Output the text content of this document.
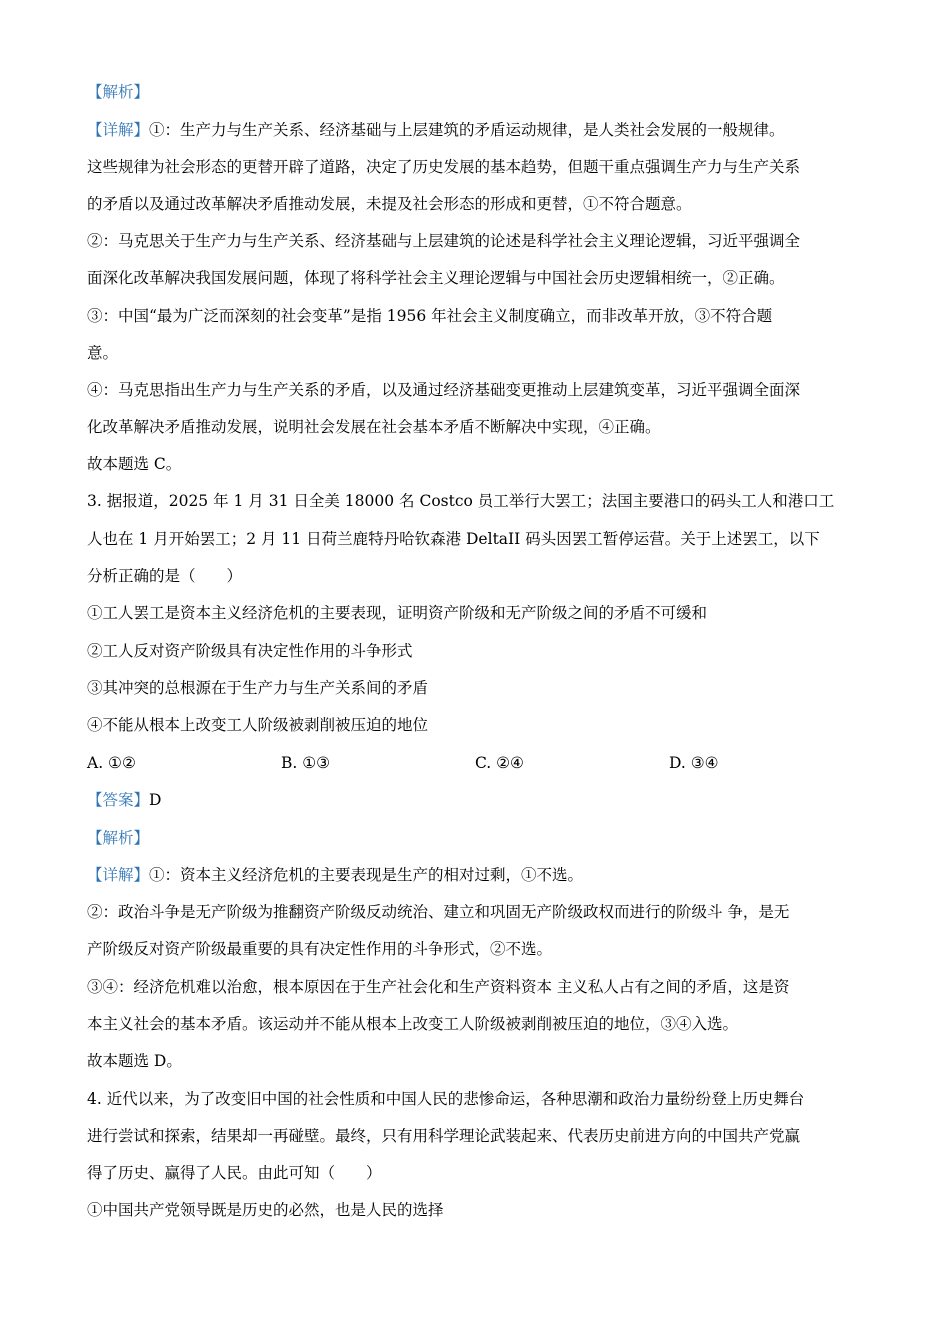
【解析】
【详解】①：生产力与生产关系、经济基础与上层建筑的矛盾运动规律，是人类社会发展的一般规律。
这些规律为社会形态的更替开辟了道路，决定了历史发展的基本趋势，但题干重点强调生产力与生产关系
的矛盾以及通过改革解决矛盾推动发展，未提及社会形态的形成和更替，①不符合题意。
②：马克思关于生产力与生产关系、经济基础与上层建筑的论述是科学社会主义理论逻辑，习近平强调全
面深化改革解决我国发展问题，体现了将科学社会主义理论逻辑与中国社会历史逻辑相统一，②正确。
③：中国“最为广泛而深刻的社会变革”是指 1956 年社会主义制度确立，而非改革开放，③不符合题
意。
④：马克思指出生产力与生产关系的矛盾，以及通过经济基础变更推动上层建筑变革，习近平强调全面深
化改革解决矛盾推动发展，说明社会发展在社会基本矛盾不断解决中实现，④正确。
故本题选 C。
3. 据报道，2025 年 1 月 31 日全美 18000 名 Costco 员工举行大罢工；法国主要港口的码头工人和港口工
人也在 1 月开始罢工；2 月 11 日荷兰鹿特丹哈钦森港 DeltaII 码头因罢工暂停运营。关于上述罢工，以下
分析正确的是（　　）
①工人罢工是资本主义经济危机的主要表现，证明资产阶级和无产阶级之间的矛盾不可缓和
②工人反对资产阶级具有决定性作用的斗争形式
③其冲突的总根源在于生产力与生产关系间的矛盾
④不能从根本上改变工人阶级被剥削被压迫的地位
A. ①②	B. ①③	C. ②④	D. ③④
【答案】D
【解析】
【详解】①：资本主义经济危机的主要表现是生产的相对过剩，①不选。
②：政治斗争是无产阶级为推翻资产阶级反动统治、建立和巩固无产阶级政权而进行的阶级斗 争，是无
产阶级反对资产阶级最重要的具有决定性作用的斗争形式，②不选。
③④：经济危机难以治愈，根本原因在于生产社会化和生产资料资本 主义私人占有之间的矛盾，这是资
本主义社会的基本矛盾。该运动并不能从根本上改变工人阶级被剥削被压迫的地位，③④入选。
故本题选 D。
4. 近代以来，为了改变旧中国的社会性质和中国人民的悲惨命运，各种思潮和政治力量纷纷登上历史舞台
进行尝试和探索，结果却一再碰壁。最终，只有用科学理论武装起来、代表历史前进方向的中国共产党赢
得了历史、赢得了人民。由此可知（　　）
①中国共产党领导既是历史的必然，也是人民的选择
